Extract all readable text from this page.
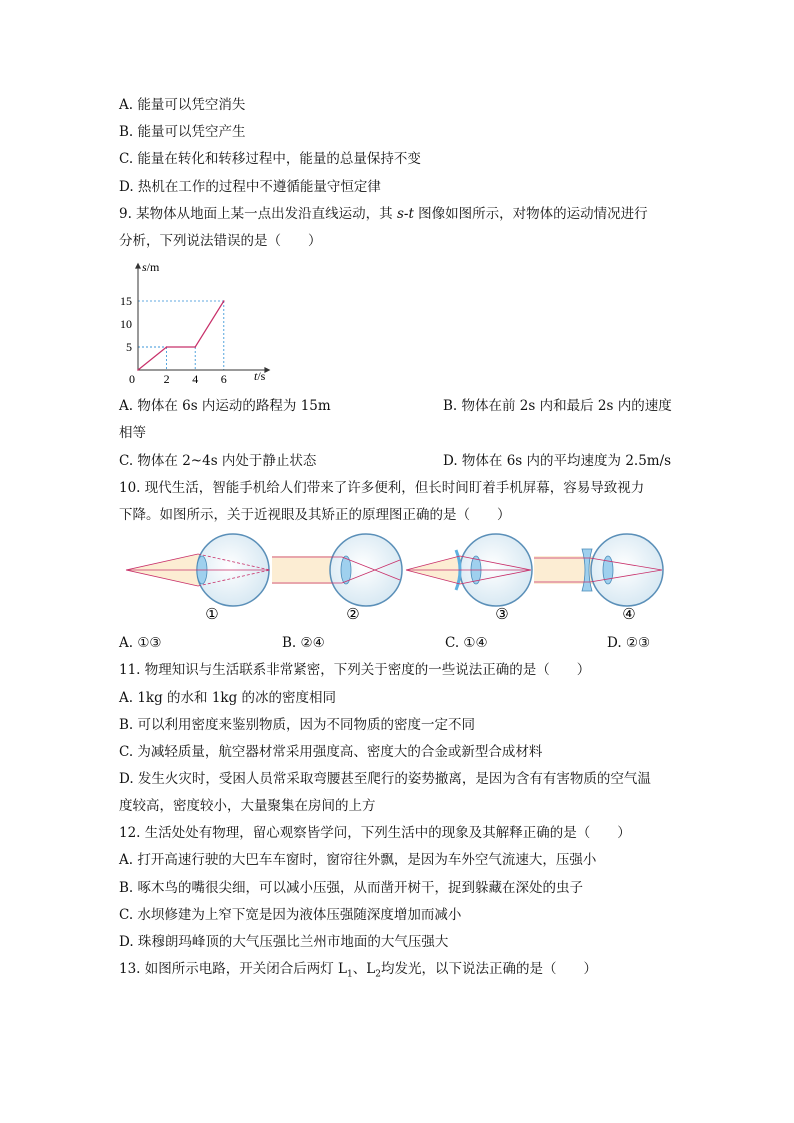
A. 能量可以凭空消失
B. 能量可以凭空产生
C. 能量在转化和转移过程中，能量的总量保持不变
D. 热机在工作的过程中不遵循能量守恒定律
9. 某物体从地面上某一点出发沿直线运动，其 s-t 图像如图所示，对物体的运动情况进行
分析，下列说法错误的是（　　）
0 2 4 6
5
10
15
s/m
t/s
A. 物体在 6s 内运动的路程为 15m	B. 物体在前 2s 内和最后 2s 内的速度
相等
C. 物体在 2~4s 内处于静止状态	D. 物体在 6s 内的平均速度为 2.5m/s
10. 现代生活，智能手机给人们带来了许多便利，但长时间盯着手机屏幕，容易导致视力
下降。如图所示，关于近视眼及其矫正的原理图正确的是（　　）
①	②	③	④
A. ①③	B. ②④	C. ①④	D. ②③
11. 物理知识与生活联系非常紧密，下列关于密度的一些说法正确的是（　　）
A. 1kg 的水和 1kg 的冰的密度相同
B. 可以利用密度来鉴别物质，因为不同物质的密度一定不同
C. 为减轻质量，航空器材常采用强度高、密度大的合金或新型合成材料
D. 发生火灾时，受困人员常采取弯腰甚至爬行的姿势撤离，是因为含有有害物质的空气温
度较高，密度较小，大量聚集在房间的上方
12. 生活处处有物理，留心观察皆学问，下列生活中的现象及其解释正确的是（　　）
A. 打开高速行驶的大巴车车窗时，窗帘往外飘，是因为车外空气流速大，压强小
B. 啄木鸟的嘴很尖细，可以减小压强，从而凿开树干，捉到躲藏在深处的虫子
C. 水坝修建为上窄下宽是因为液体压强随深度增加而减小
D. 珠穆朗玛峰顶的大气压强比兰州市地面的大气压强大
13. 如图所示电路，开关闭合后两灯 $L_1$、$L_2$均发光，以下说法正确的是（　　）
